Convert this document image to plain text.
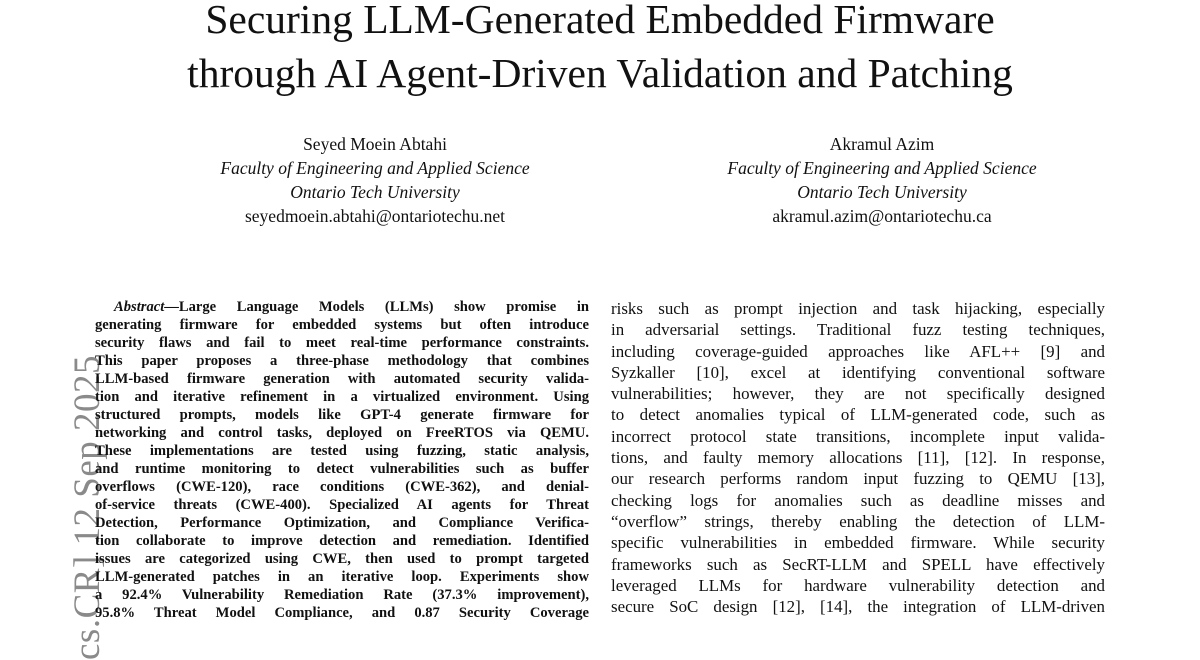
Securing LLM-Generated Embedded Firmware
through AI Agent-Driven Validation and Patching
Seyed Moein Abtahi
Faculty of Engineering and Applied Science
Ontario Tech University
seyedmoein.abtahi@ontariotechu.net
Akramul Azim
Faculty of Engineering and Applied Science
Ontario Tech University
akramul.azim@ontariotechu.ca
cs.CR] 12 Sep 2025
Abstract—Large Language Models (LLMs) show promise in
generating firmware for embedded systems but often introduce
security flaws and fail to meet real-time performance constraints.
This paper proposes a three-phase methodology that combines
LLM-based firmware generation with automated security valida-
tion and iterative refinement in a virtualized environment. Using
structured prompts, models like GPT-4 generate firmware for
networking and control tasks, deployed on FreeRTOS via QEMU.
These implementations are tested using fuzzing, static analysis,
and runtime monitoring to detect vulnerabilities such as buffer
overflows (CWE-120), race conditions (CWE-362), and denial-
of-service threats (CWE-400). Specialized AI agents for Threat
Detection, Performance Optimization, and Compliance Verifica-
tion collaborate to improve detection and remediation. Identified
issues are categorized using CWE, then used to prompt targeted
LLM-generated patches in an iterative loop. Experiments show
a 92.4% Vulnerability Remediation Rate (37.3% improvement),
95.8% Threat Model Compliance, and 0.87 Security Coverage
risks such as prompt injection and task hijacking, especially
in adversarial settings. Traditional fuzz testing techniques,
including coverage-guided approaches like AFL++ [9] and
Syzkaller [10], excel at identifying conventional software
vulnerabilities; however, they are not specifically designed
to detect anomalies typical of LLM-generated code, such as
incorrect protocol state transitions, incomplete input valida-
tions, and faulty memory allocations [11], [12]. In response,
our research performs random input fuzzing to QEMU [13],
checking logs for anomalies such as deadline misses and
“overflow” strings, thereby enabling the detection of LLM-
specific vulnerabilities in embedded firmware. While security
frameworks such as SecRT-LLM and SPELL have effectively
leveraged LLMs for hardware vulnerability detection and
secure SoC design [12], [14], the integration of LLM-driven
